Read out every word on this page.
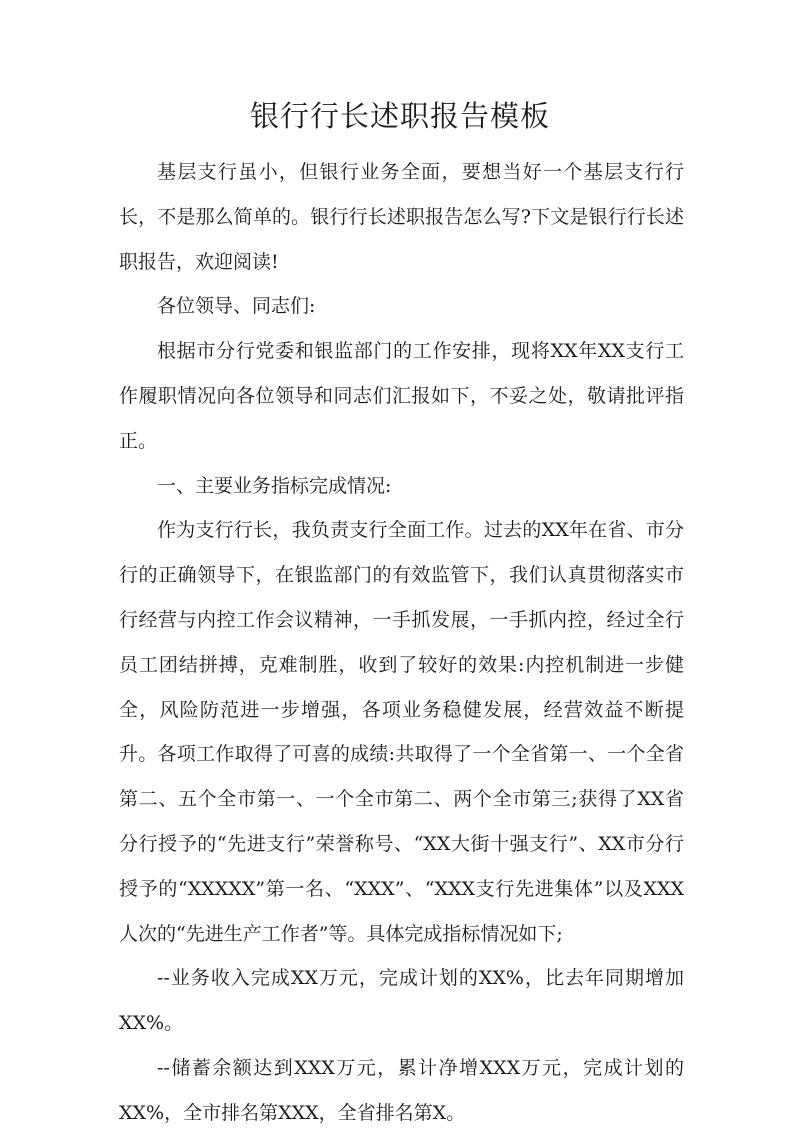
银行行长述职报告模板

基层支行虽小，但银行业务全面，要想当好一个基层支行行长，不是那么简单的。银行行长述职报告怎么写?下文是银行行长述职报告，欢迎阅读!

各位领导、同志们:

根据市分行党委和银监部门的工作安排，现将XX年XX支行工作履职情况向各位领导和同志们汇报如下，不妥之处，敬请批评指正。

一、主要业务指标完成情况:

作为支行行长，我负责支行全面工作。过去的XX年在省、市分行的正确领导下，在银监部门的有效监管下，我们认真贯彻落实市行经营与内控工作会议精神，一手抓发展，一手抓内控，经过全行员工团结拼搏，克难制胜，收到了较好的效果:内控机制进一步健全，风险防范进一步增强，各项业务稳健发展，经营效益不断提升。各项工作取得了可喜的成绩:共取得了一个全省第一、一个全省第二、五个全市第一、一个全市第二、两个全市第三;获得了XX省分行授予的“先进支行”荣誉称号、“XX大街十强支行”、XX市分行授予的“XXXXX”第一名、“XXX”、“XXX支行先进集体”以及XXX人次的“先进生产工作者”等。具体完成指标情况如下;

--业务收入完成XX万元，完成计划的XX%，比去年同期增加XX%。

--储蓄余额达到XXX万元，累计净增XXX万元，完成计划的XX%，全市排名第XXX，全省排名第X。
